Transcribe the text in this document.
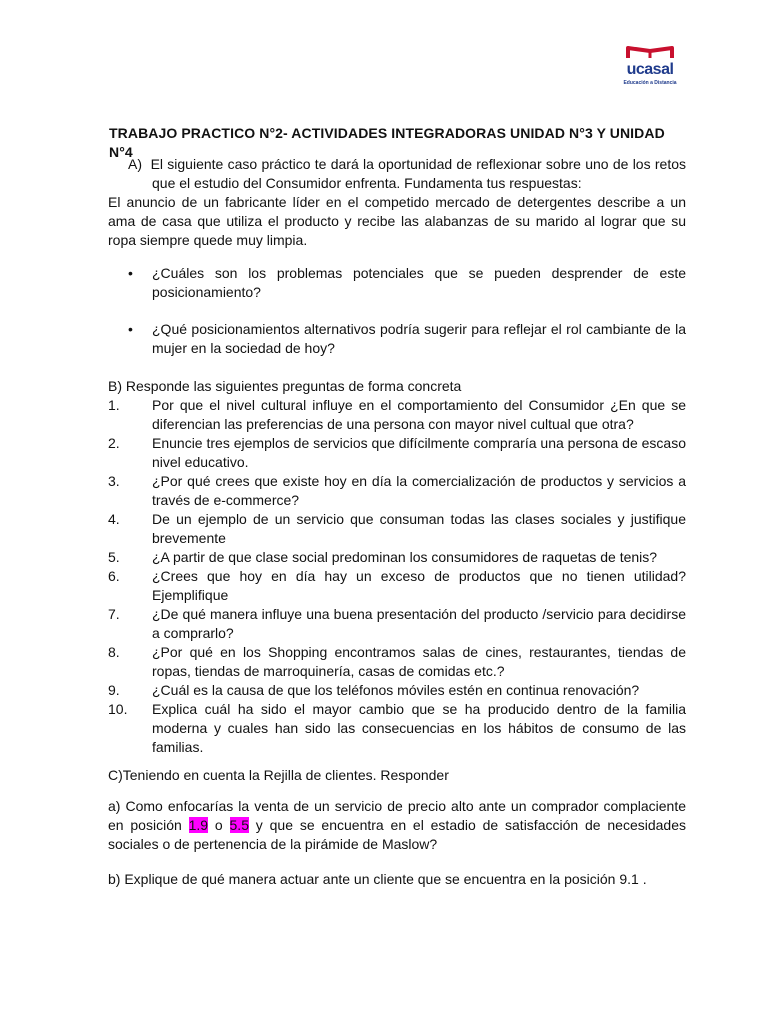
ucasal
Educación a Distancia
TRABAJO PRACTICO N°2- ACTIVIDADES INTEGRADORAS UNIDAD N°3 Y UNIDAD N°4
A) El siguiente caso práctico te dará la oportunidad de reflexionar sobre uno de los retos que el estudio del Consumidor enfrenta. Fundamenta tus respuestas:
El anuncio de un fabricante líder en el competido mercado de detergentes describe a un ama de casa que utiliza el producto y recibe las alabanzas de su marido al lograr que su ropa siempre quede muy limpia.
• ¿Cuáles son los problemas potenciales que se pueden desprender de este posicionamiento?
• ¿Qué posicionamientos alternativos podría sugerir para reflejar el rol cambiante de la mujer en la sociedad de hoy?
B) Responde las siguientes preguntas de forma concreta
1.	Por que el nivel cultural influye en el comportamiento del Consumidor ¿En que se diferencian las preferencias de una persona con mayor nivel cultual que otra?
2.	Enuncie tres ejemplos de servicios que difícilmente compraría una persona de escaso nivel educativo.
3.	¿Por qué crees que existe hoy en día la comercialización de productos y servicios a través de e-commerce?
4.	De un ejemplo de un servicio que consuman todas las clases sociales y justifique brevemente
5.	¿A partir de que clase social predominan los consumidores de raquetas de tenis?
6.	¿Crees que hoy en día hay un exceso de productos que no tienen utilidad? Ejemplifique
7.	¿De qué manera influye una buena presentación del producto /servicio para decidirse a comprarlo?
8.	¿Por qué en los Shopping encontramos salas de cines, restaurantes, tiendas de ropas, tiendas de marroquinería, casas de comidas etc.?
9.	¿Cuál es la causa de que los teléfonos móviles estén en continua renovación?
10.	Explica cuál ha sido el mayor cambio que se ha producido dentro de la familia moderna y cuales han sido las consecuencias en los hábitos de consumo de las familias.
C)Teniendo en cuenta la Rejilla de clientes. Responder
a) Como enfocarías la venta de un servicio de precio alto ante un comprador complaciente en posición 1.9 o 5.5 y que se encuentra en el estadio de satisfacción de necesidades sociales o de pertenencia de la pirámide de Maslow?
b) Explique de qué manera actuar ante un cliente que se encuentra en la posición 9.1 .
